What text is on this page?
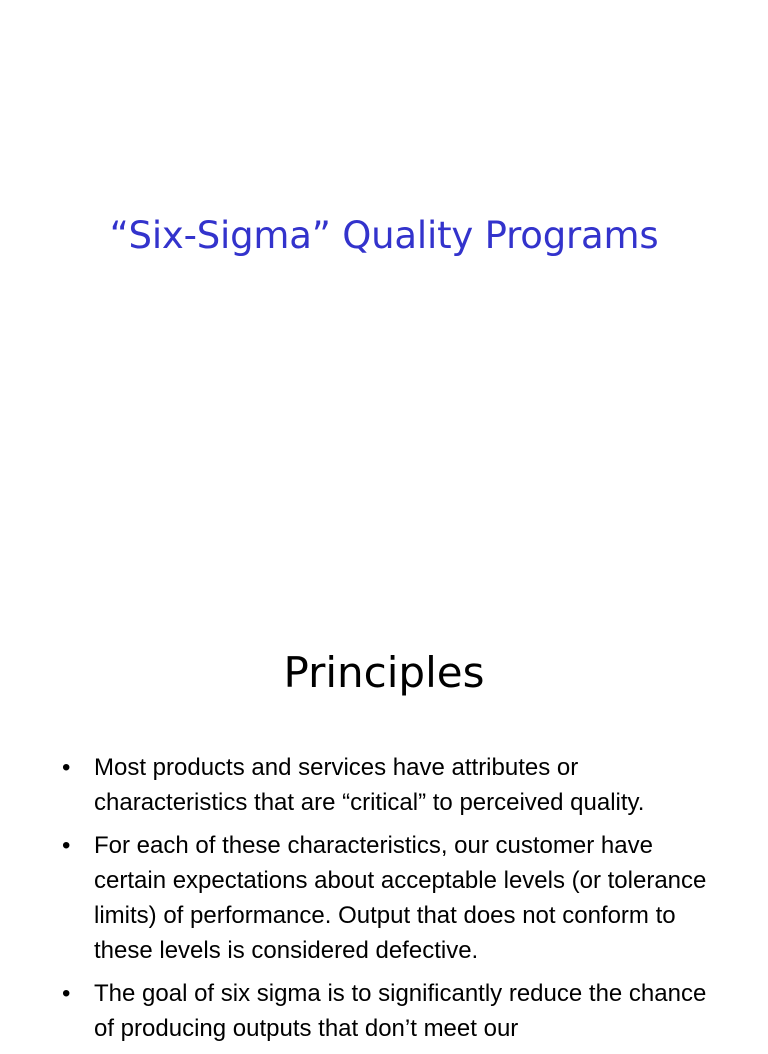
“Six-Sigma” Quality Programs
Principles
• Most products and services have attributes or characteristics that are “critical” to perceived quality.
• For each of these characteristics, our customer have certain expectations about acceptable levels (or tolerance limits) of performance. Output that does not conform to these levels is considered defective.
• The goal of six sigma is to significantly reduce the chance of producing outputs that don’t meet our
